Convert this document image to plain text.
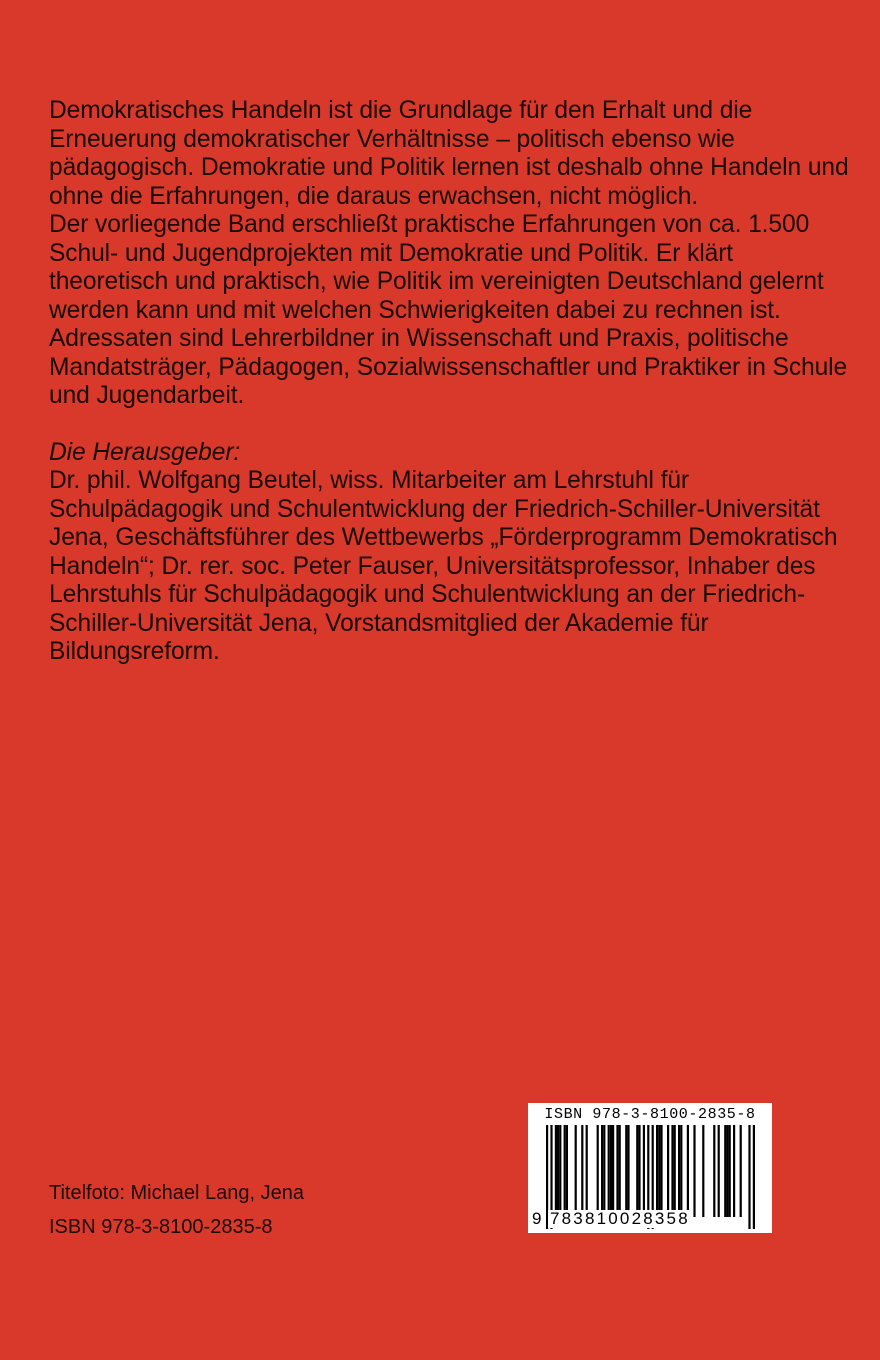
Demokratisches Handeln ist die Grundlage für den Erhalt und die Erneuerung demokratischer Verhältnisse – politisch ebenso wie pädagogisch. Demokratie und Politik lernen ist deshalb ohne Handeln und ohne die Erfahrungen, die daraus erwachsen, nicht möglich.

Der vorliegende Band erschließt praktische Erfahrungen von ca. 1.500 Schul- und Jugendprojekten mit Demokratie und Politik. Er klärt theoretisch und praktisch, wie Politik im vereinigten Deutschland gelernt werden kann und mit welchen Schwierigkeiten dabei zu rechnen ist.

Adressaten sind Lehrerbildner in Wissenschaft und Praxis, politische Mandatsträger, Pädagogen, Sozialwissenschaftler und Praktiker in Schule und Jugendarbeit.

Die Herausgeber:

Dr. phil. Wolfgang Beutel, wiss. Mitarbeiter am Lehrstuhl für Schulpädagogik und Schulentwicklung der Friedrich-Schiller-Universität Jena, Geschäftsführer des Wettbewerbs „Förderprogramm Demokratisch Handeln“; Dr. rer. soc. Peter Fauser, Universitätsprofessor, Inhaber des Lehrstuhls für Schulpädagogik und Schulentwicklung an der Friedrich-Schiller-Universität Jena, Vorstandsmitglied der Akademie für Bildungsreform.

Titelfoto: Michael Lang, Jena
ISBN 978-3-8100-2835-8
ISBN 978-3-8100-2835-8
9 783810028358
